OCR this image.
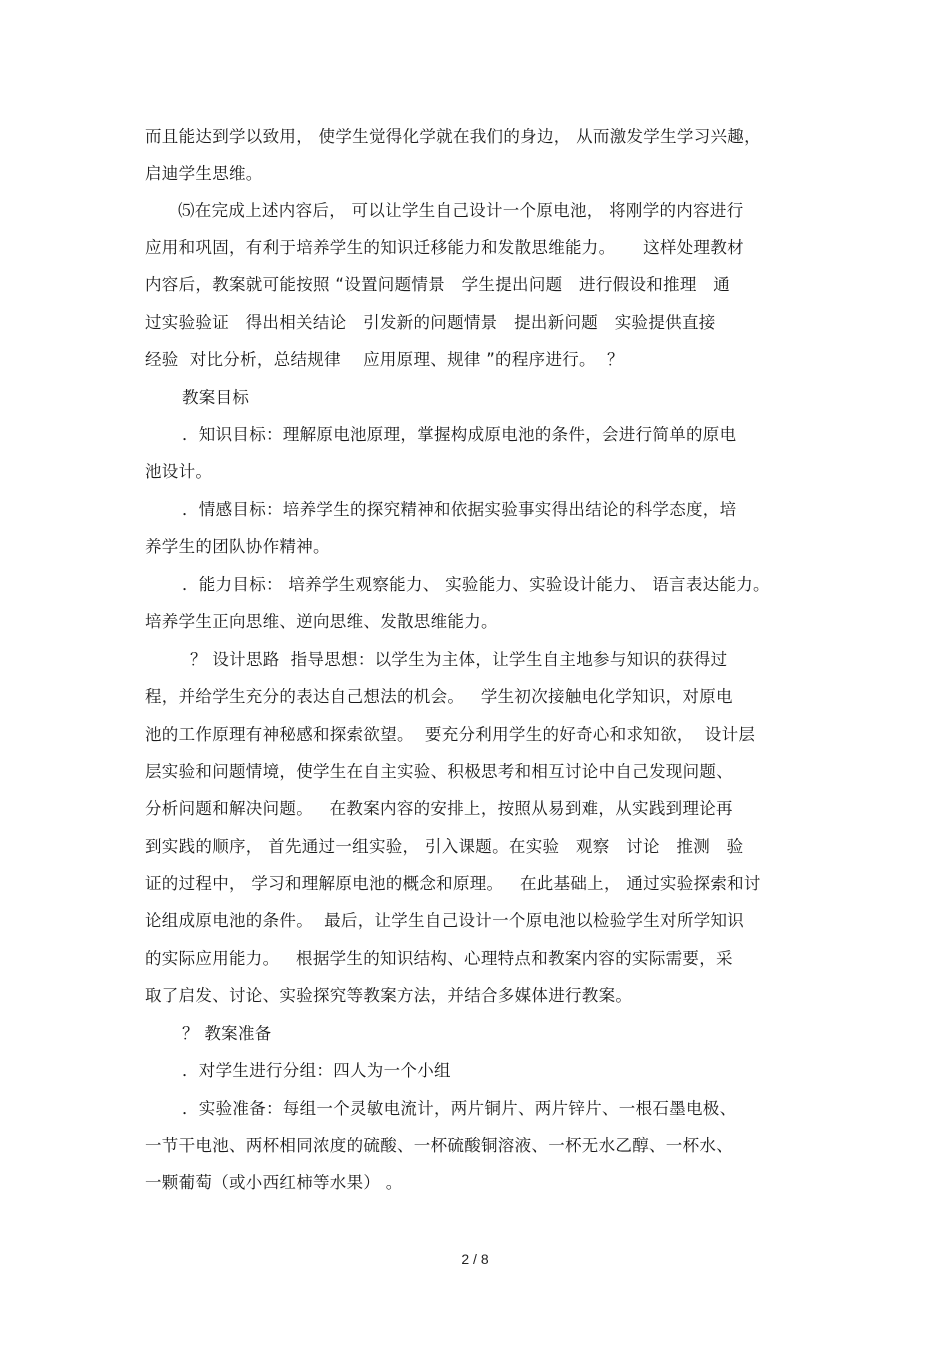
而且能达到学以致用， 使学生觉得化学就在我们的身边， 从而激发学生学习兴趣，
启迪学生思维。
⑸在完成上述内容后， 可以让学生自己设计一个原电池， 将刚学的内容进行
应用和巩固，有利于培养学生的知识迁移能力和发散思维能力。     这样处理教材
内容后，教案就可能按照 “设置问题情景   学生提出问题   进行假设和推理   通
过实验验证   得出相关结论   引发新的问题情景   提出新问题   实验提供直接
经验  对比分析，总结规律    应用原理、规律 ”的程序进行。  ？
教案目标
．知识目标：理解原电池原理，掌握构成原电池的条件，会进行简单的原电
池设计。
．情感目标：培养学生的探究精神和依据实验事实得出结论的科学态度，培
养学生的团队协作精神。
．能力目标： 培养学生观察能力、 实验能力、实验设计能力、 语言表达能力。
培养学生正向思维、逆向思维、发散思维能力。
？ 设计思路  指导思想：以学生为主体，让学生自主地参与知识的获得过
程，并给学生充分的表达自己想法的机会。   学生初次接触电化学知识，对原电
池的工作原理有神秘感和探索欲望。  要充分利用学生的好奇心和求知欲，  设计层
层实验和问题情境，使学生在自主实验、积极思考和相互讨论中自己发现问题、
分析问题和解决问题。   在教案内容的安排上，按照从易到难，从实践到理论再
到实践的顺序， 首先通过一组实验， 引入课题。在实验   观察   讨论   推测   验
证的过程中， 学习和理解原电池的概念和原理。   在此基础上， 通过实验探索和讨
论组成原电池的条件。  最后，让学生自己设计一个原电池以检验学生对所学知识
的实际应用能力。   根据学生的知识结构、心理特点和教案内容的实际需要，采
取了启发、讨论、实验探究等教案方法，并结合多媒体进行教案。
？ 教案准备
．对学生进行分组：四人为一个小组
．实验准备：每组一个灵敏电流计，两片铜片、两片锌片、一根石墨电极、
一节干电池、两杯相同浓度的硫酸、一杯硫酸铜溶液、一杯无水乙醇、一杯水、
一颗葡萄（或小西红柿等水果） 。
2 / 8
